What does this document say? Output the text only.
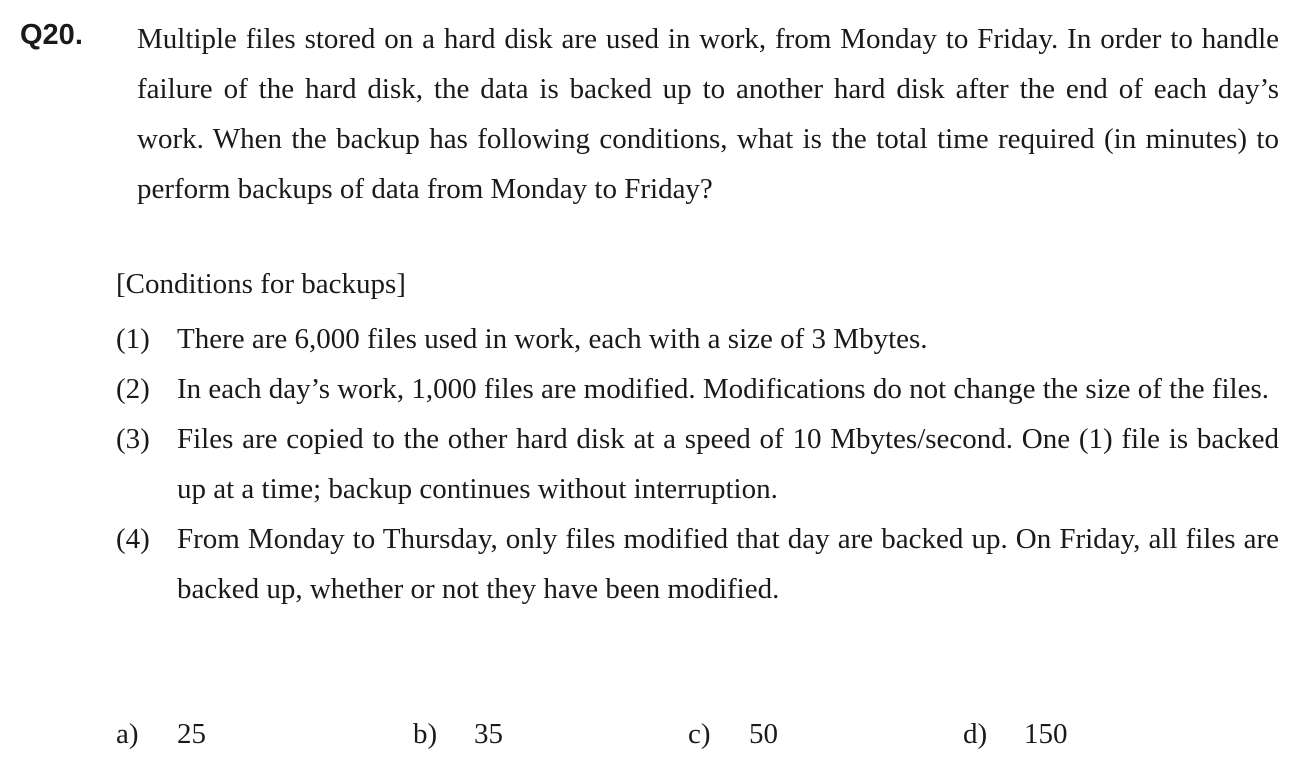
Q20. Multiple files stored on a hard disk are used in work, from Monday to Friday. In order to handle failure of the hard disk, the data is backed up to another hard disk after the end of each day’s work. When the backup has following conditions, what is the total time required (in minutes) to perform backups of data from Monday to Friday?
[Conditions for backups]
(1) There are 6,000 files used in work, each with a size of 3 Mbytes.
(2) In each day’s work, 1,000 files are modified. Modifications do not change the size of the files.
(3) Files are copied to the other hard disk at a speed of 10 Mbytes/second. One (1) file is backed up at a time; backup continues without interruption.
(4) From Monday to Thursday, only files modified that day are backed up. On Friday, all files are backed up, whether or not they have been modified.
a) 25	b) 35	c) 50	d) 150
